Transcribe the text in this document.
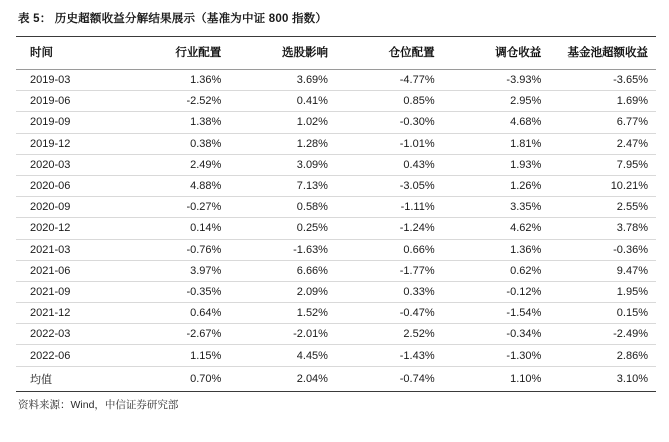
表 5： 历史超额收益分解结果展示（基准为中证 800 指数）
时间	行业配置	选股影响	仓位配置	调仓收益	基金池超额收益
2019-03	1.36%	3.69%	-4.77%	-3.93%	-3.65%
2019-06	-2.52%	0.41%	0.85%	2.95%	1.69%
2019-09	1.38%	1.02%	-0.30%	4.68%	6.77%
2019-12	0.38%	1.28%	-1.01%	1.81%	2.47%
2020-03	2.49%	3.09%	0.43%	1.93%	7.95%
2020-06	4.88%	7.13%	-3.05%	1.26%	10.21%
2020-09	-0.27%	0.58%	-1.11%	3.35%	2.55%
2020-12	0.14%	0.25%	-1.24%	4.62%	3.78%
2021-03	-0.76%	-1.63%	0.66%	1.36%	-0.36%
2021-06	3.97%	6.66%	-1.77%	0.62%	9.47%
2021-09	-0.35%	2.09%	0.33%	-0.12%	1.95%
2021-12	0.64%	1.52%	-0.47%	-1.54%	0.15%
2022-03	-2.67%	-2.01%	2.52%	-0.34%	-2.49%
2022-06	1.15%	4.45%	-1.43%	-1.30%	2.86%
均值	0.70%	2.04%	-0.74%	1.10%	3.10%
资料来源：Wind，中信证券研究部
